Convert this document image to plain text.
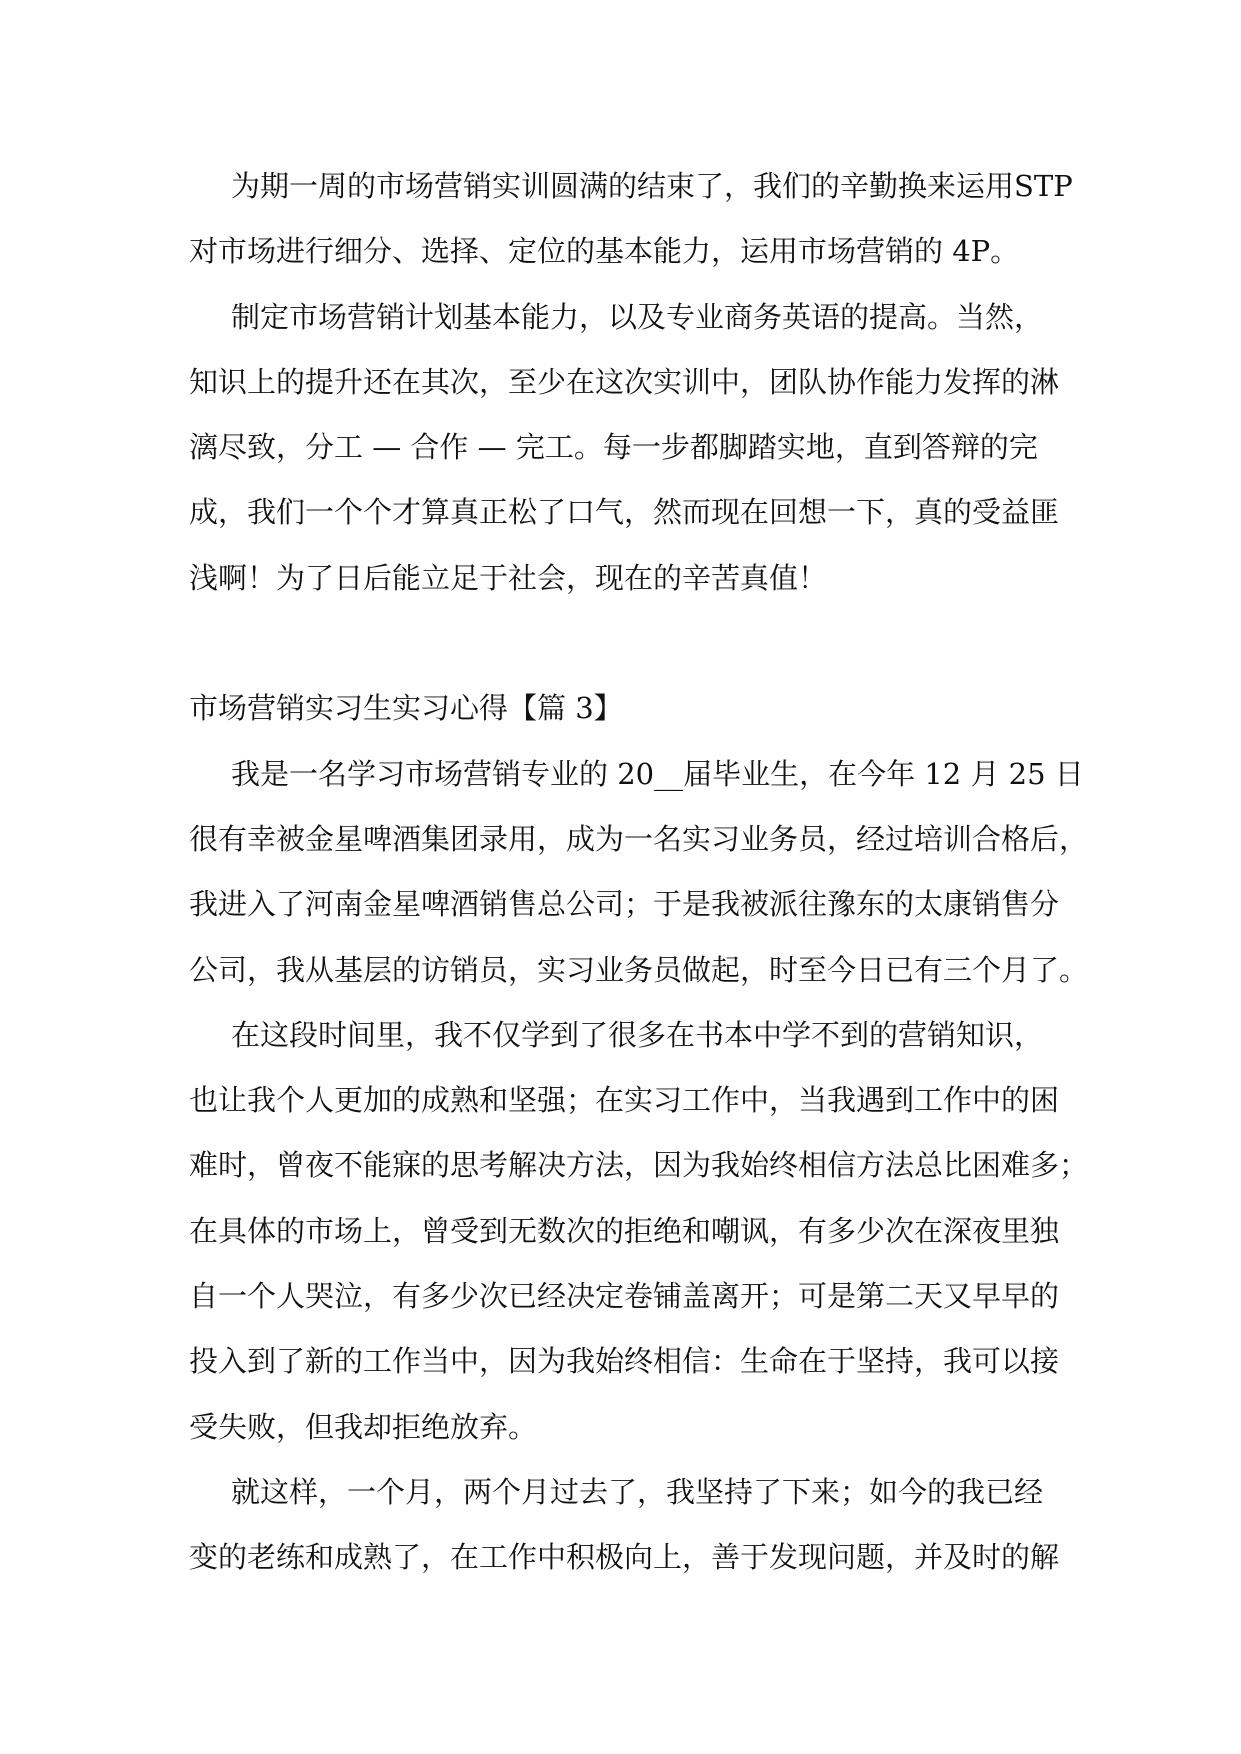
为期一周的市场营销实训圆满的结束了，我们的辛勤换来运用STP
对市场进行细分、选择、定位的基本能力，运用市场营销的 4P。
制定市场营销计划基本能力，以及专业商务英语的提高。当然，
知识上的提升还在其次，至少在这次实训中，团队协作能力发挥的淋
漓尽致，分工 — 合作 — 完工。每一步都脚踏实地，直到答辩的完
成，我们一个个才算真正松了口气，然而现在回想一下，真的受益匪
浅啊！为了日后能立足于社会，现在的辛苦真值！
市场营销实习生实习心得【篇 3】
我是一名学习市场营销专业的 20__届毕业生，在今年 12 月 25 日
很有幸被金星啤酒集团录用，成为一名实习业务员，经过培训合格后，
我进入了河南金星啤酒销售总公司；于是我被派往豫东的太康销售分
公司，我从基层的访销员，实习业务员做起，时至今日已有三个月了。
在这段时间里，我不仅学到了很多在书本中学不到的营销知识，
也让我个人更加的成熟和坚强；在实习工作中，当我遇到工作中的困
难时，曾夜不能寐的思考解决方法，因为我始终相信方法总比困难多；
在具体的市场上，曾受到无数次的拒绝和嘲讽，有多少次在深夜里独
自一个人哭泣，有多少次已经决定卷铺盖离开；可是第二天又早早的
投入到了新的工作当中，因为我始终相信：生命在于坚持，我可以接
受失败，但我却拒绝放弃。
就这样，一个月，两个月过去了，我坚持了下来；如今的我已经
变的老练和成熟了，在工作中积极向上，善于发现问题，并及时的解
